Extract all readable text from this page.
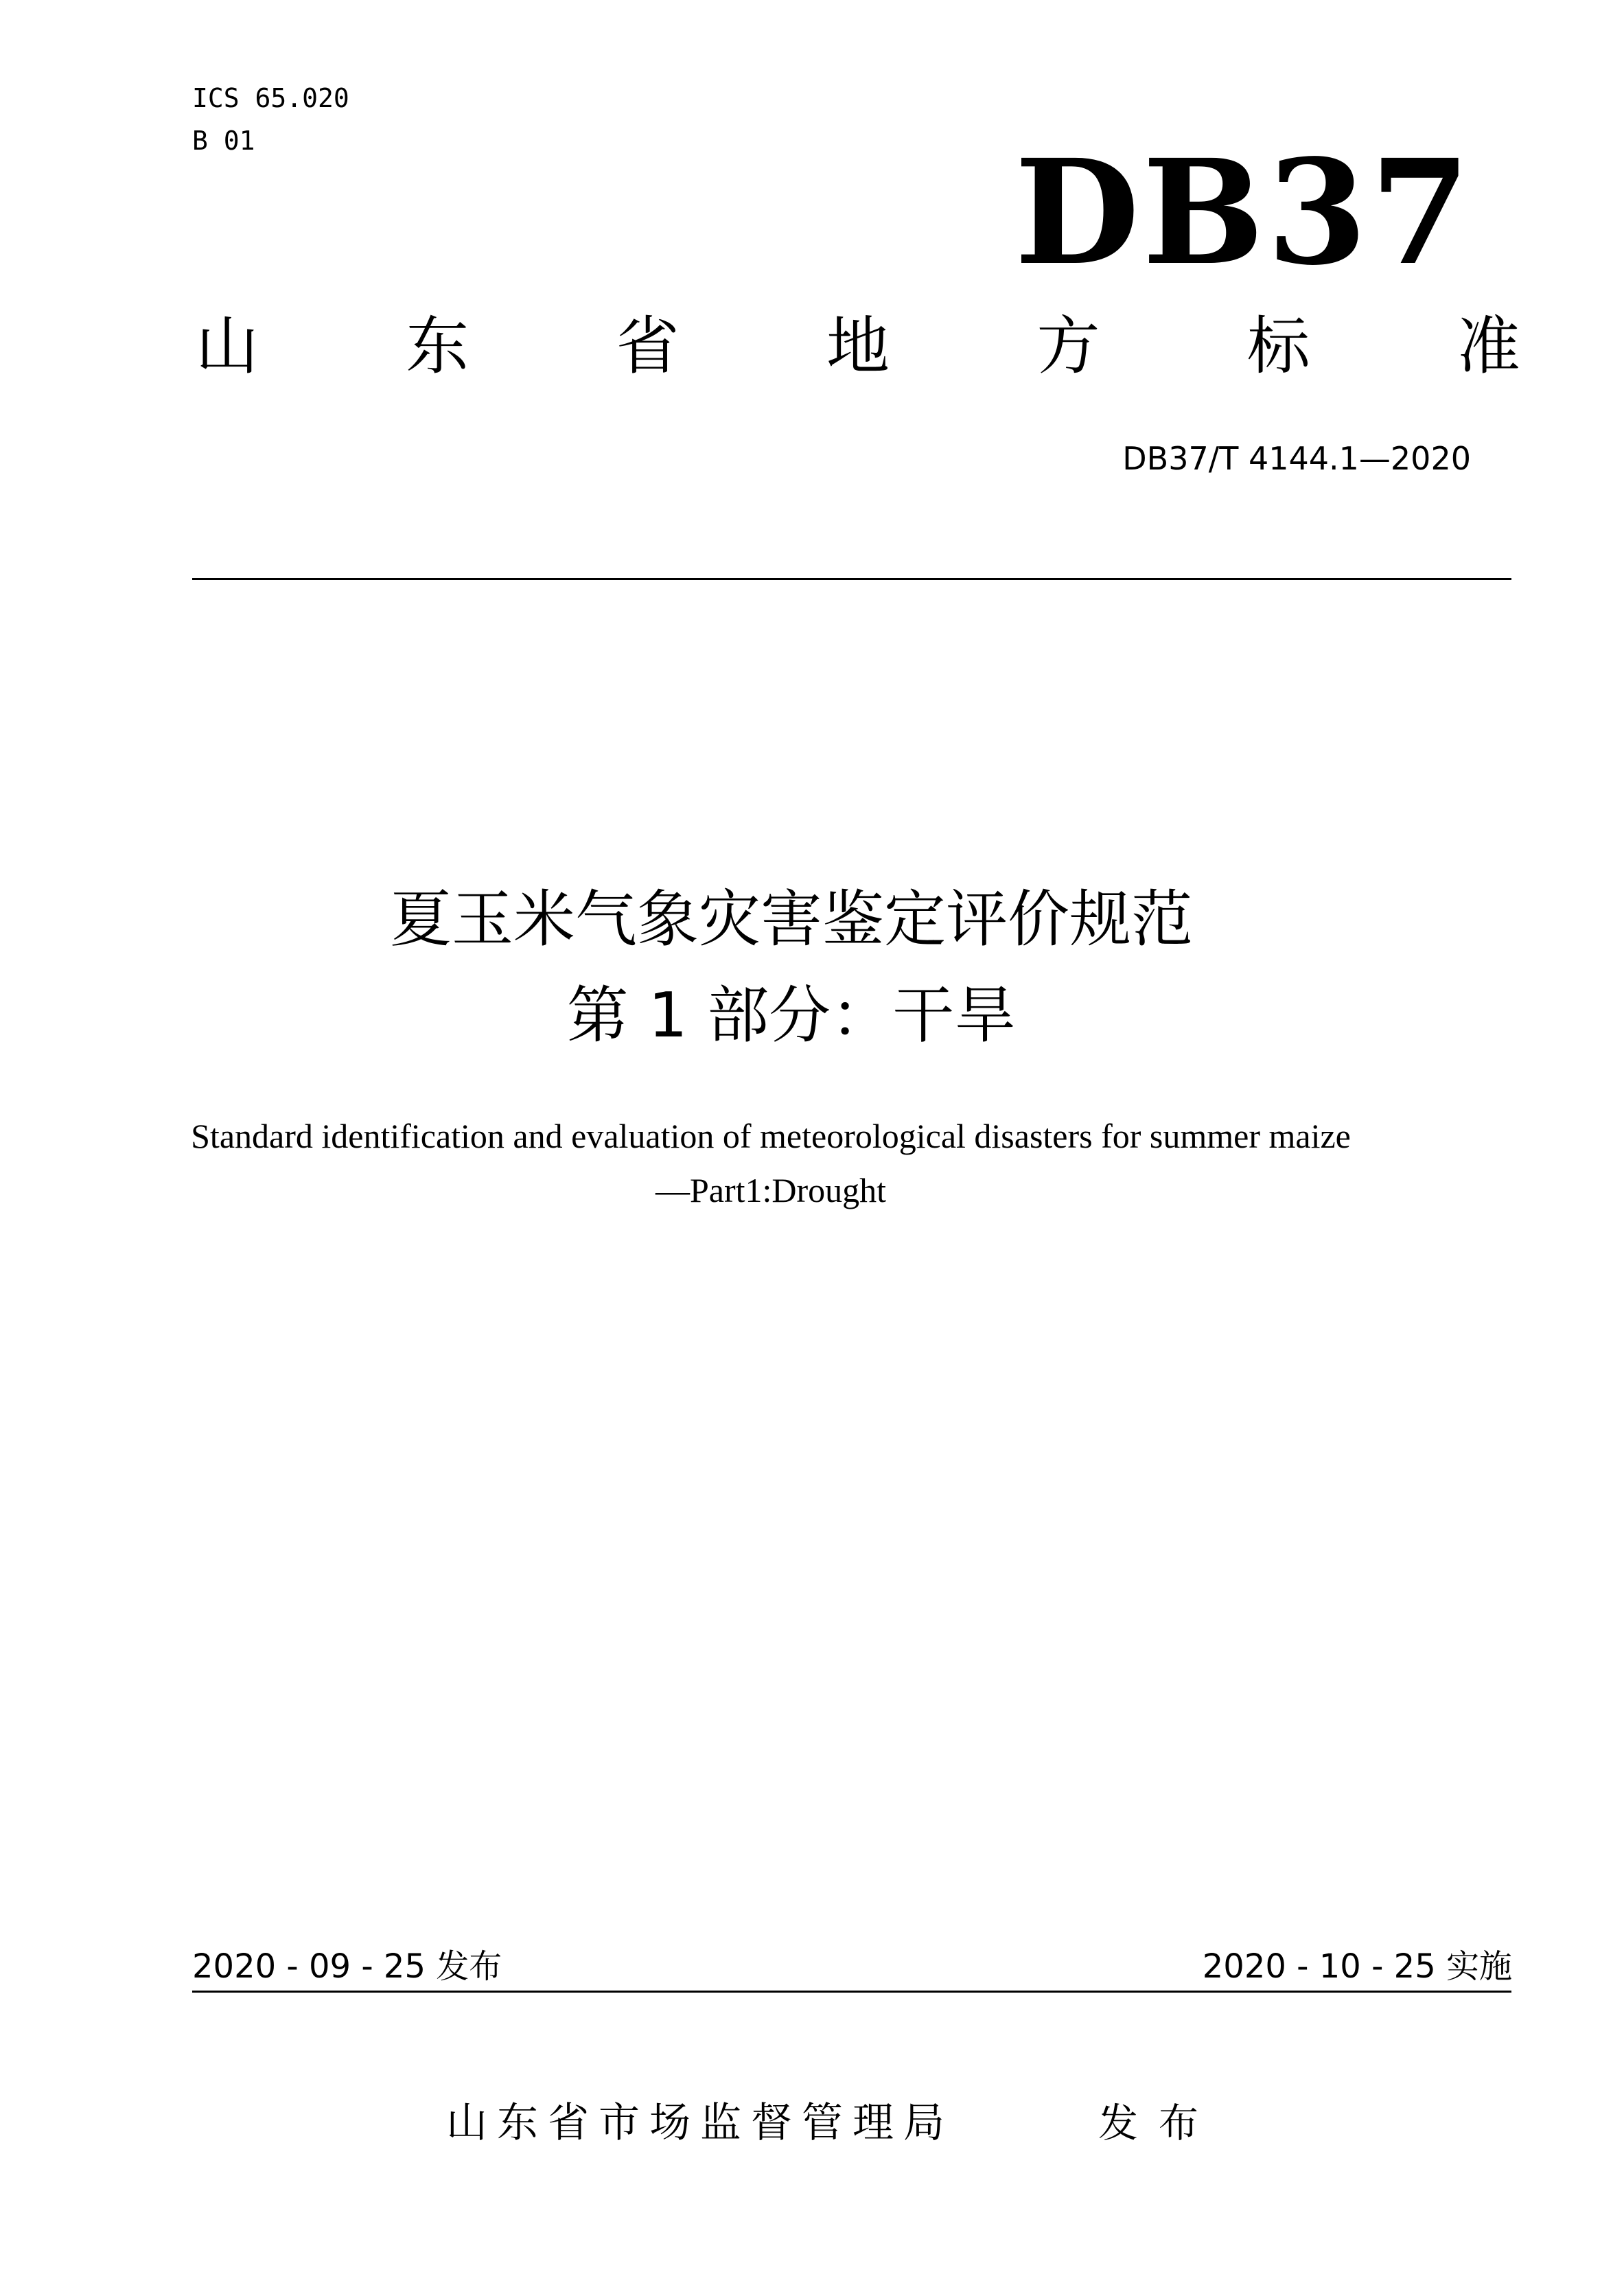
ICS 65.020
B 01	DB37
山 东 省 地 方 标 准
DB37/T 4144.1—2020
夏玉米气象灾害鉴定评价规范
第 1 部分：干旱
Standard identification and evaluation of meteorological disasters for summer maize
—Part1:Drought
2020 - 09 - 25 发布	2020 - 10 - 25 实施
山东省市场监督管理局	发布
